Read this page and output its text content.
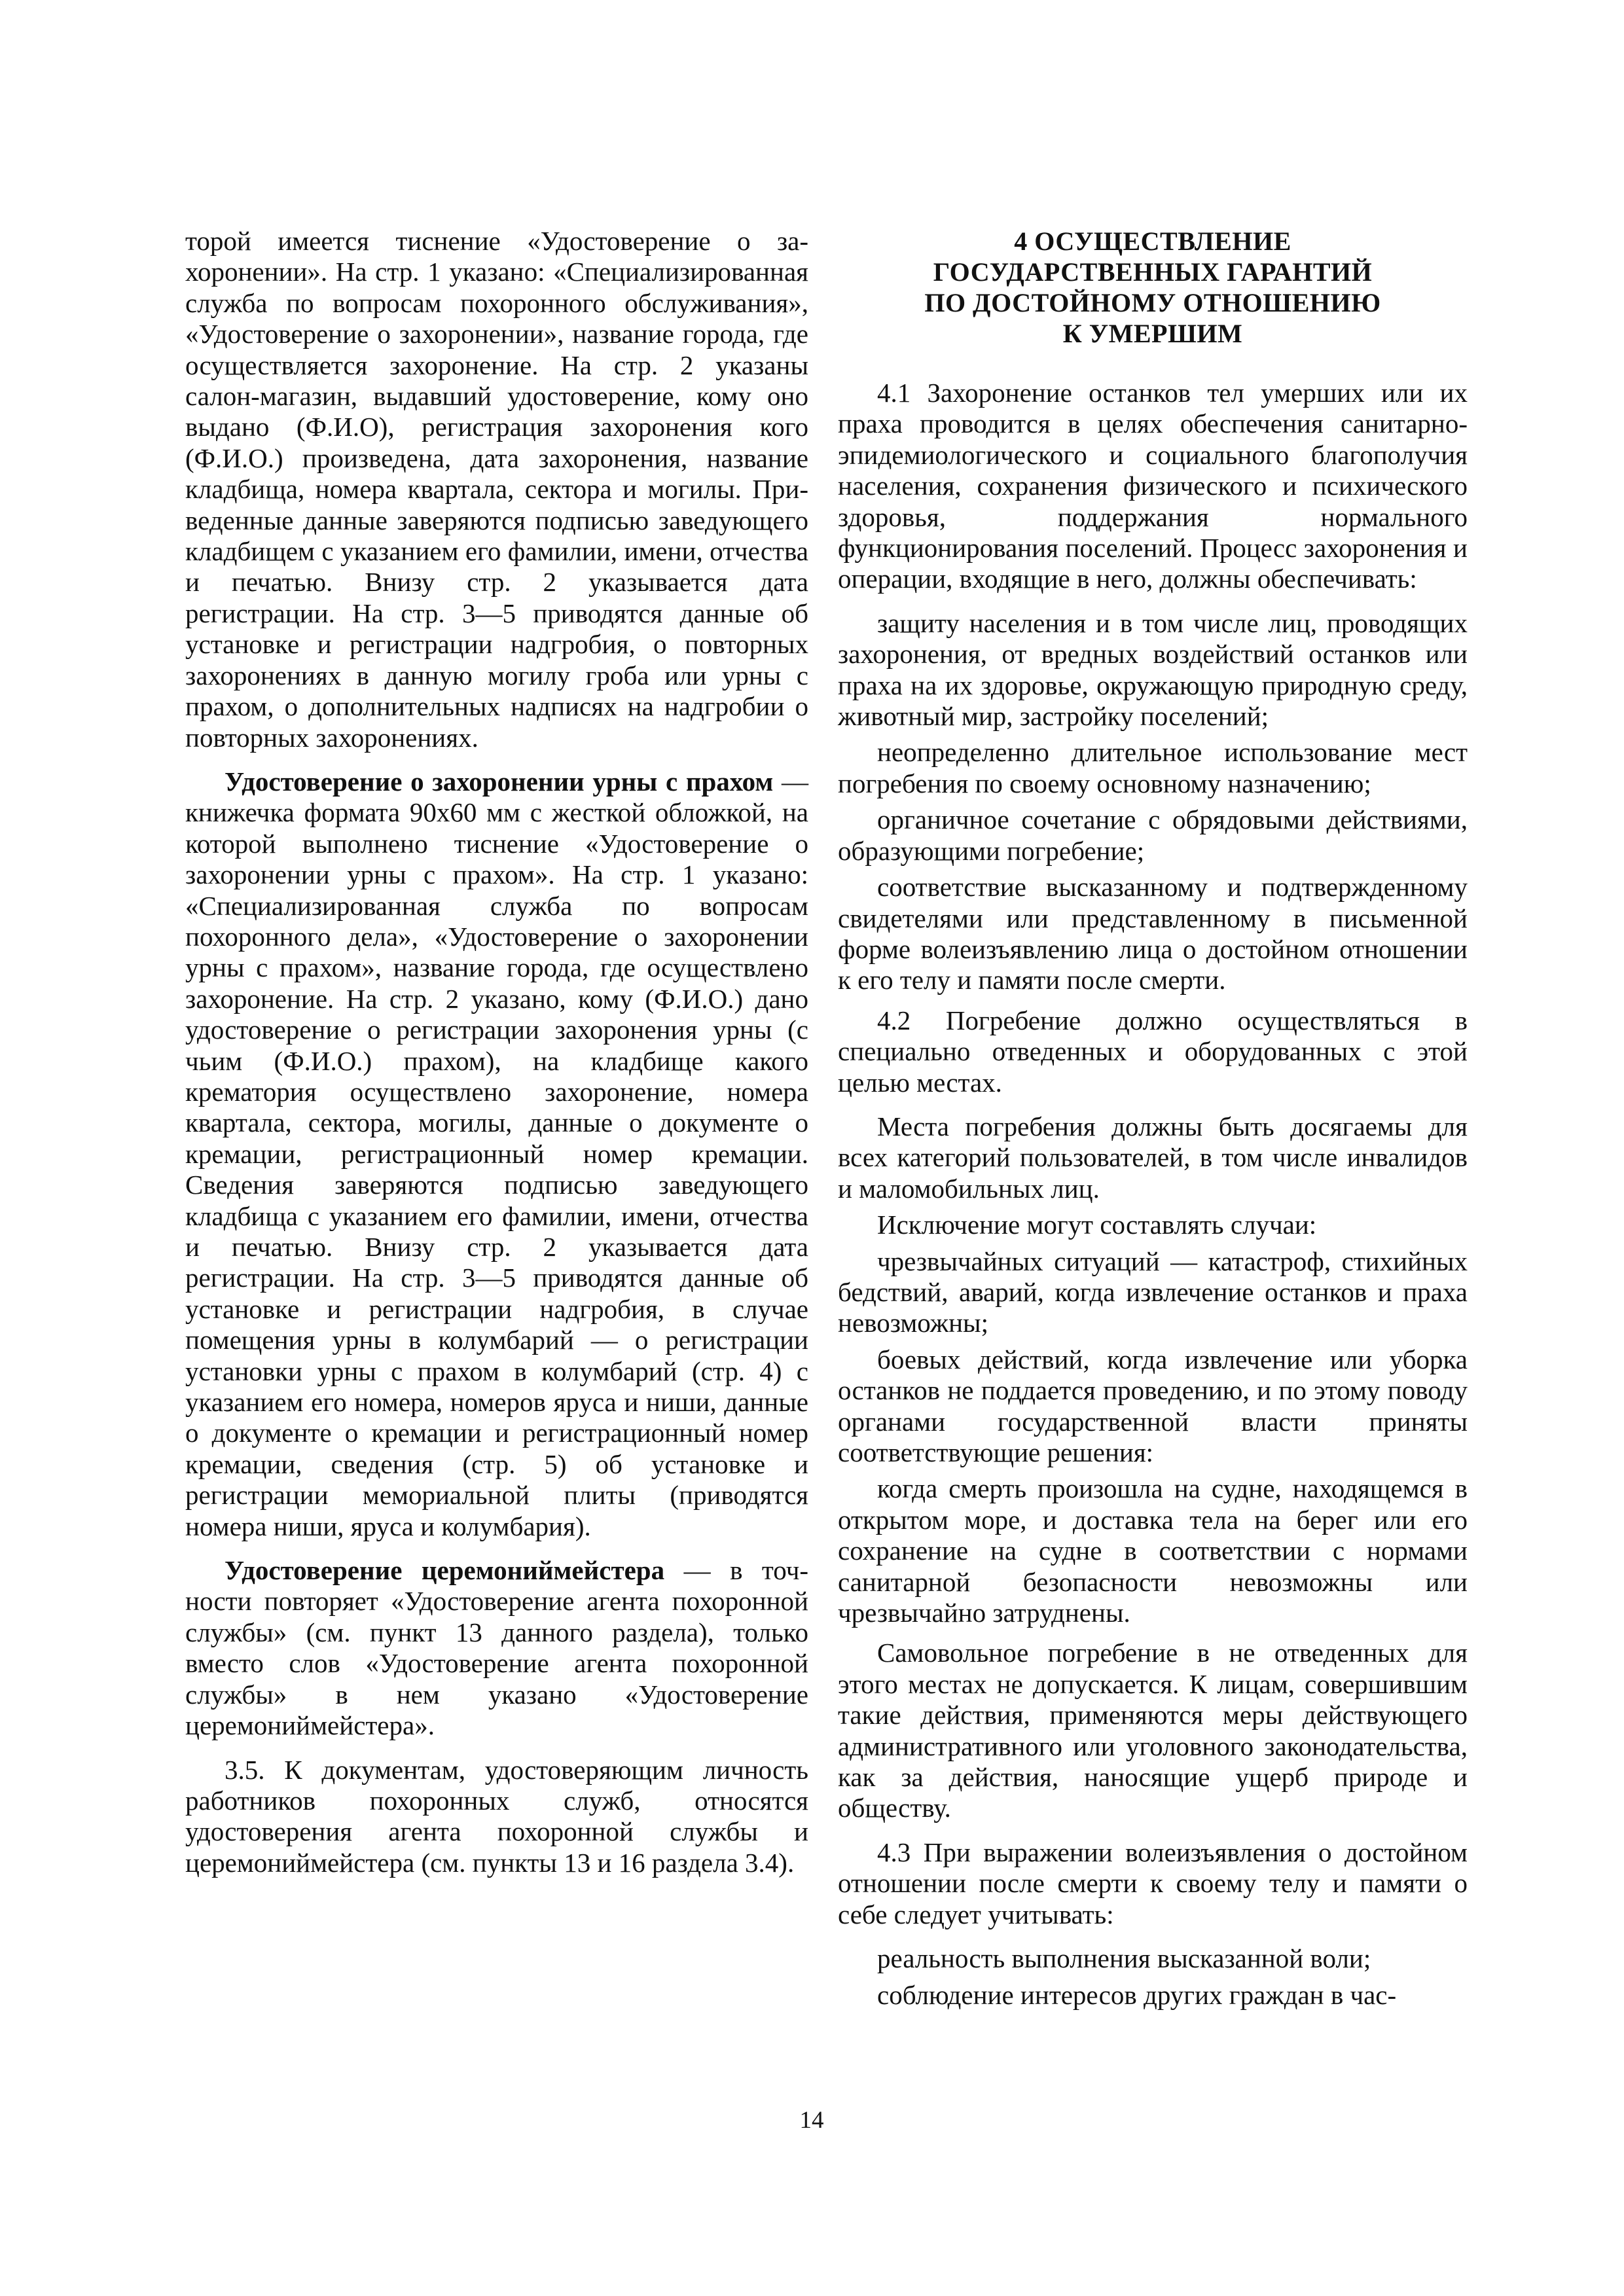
торой имеется тиснение «Удостоверение о захоронении». На стр. 1 указано: «Специализированная служба по вопросам похоронного обслуживания», «Удостоверение о захоронении», название города, где осуществляется захоронение. На стр. 2 указаны салон-магазин, выдавший удостоверение, кому оно выдано (Ф.И.О), регистрация захоронения кого (Ф.И.О.) произведена, дата захоронения, название кладбища, номера квартала, сектора и могилы. Приведенные данные заверяются подписью заведующего кладбищем с указанием его фамилии, имени, отчества и печатью. Внизу стр. 2 указывается дата регистрации. На стр. 3—5 приводятся данные об установке и регистрации надгробия, о повторных захоронениях в данную могилу гроба или урны с прахом, о дополнительных надписях на надгробии о повторных захоронениях.

Удостоверение о захоронении урны с прахом — книжечка формата 90x60 мм с жесткой обложкой, на которой выполнено тиснение «Удостоверение о захоронении урны с прахом». На стр. 1 указано: «Специализированная служба по вопросам похоронного дела», «Удостоверение о захоронении урны с прахом», название города, где осуществлено захоронение. На стр. 2 указано, кому (Ф.И.О.) дано удостоверение о регистрации захоронения урны (с чьим (Ф.И.О.) прахом), на кладбище какого крематория осуществлено захоронение, номера квартала, сектора, могилы, данные о документе о кремации, регистрационный номер кремации. Сведения заверяются подписью заведующего кладбища с указанием его фамилии, имени, отчества и печатью. Внизу стр. 2 указывается дата регистрации. На стр. 3—5 приводятся данные об установке и регистрации надгробия, в случае помещения урны в колумбарий — о регистрации установки урны с прахом в колумбарий (стр. 4) с указанием его номера, номеров яруса и ниши, данные о документе о кремации и регистрационный номер кремации, сведения (стр. 5) об установке и регистрации мемориальной плиты (приводятся номера ниши, яруса и колумбария).

Удостоверение церемониймейстера — в точности повторяет «Удостоверение агента похоронной службы» (см. пункт 13 данного раздела), только вместо слов «Удостоверение агента похоронной службы» в нем указано «Удостоверение церемониймейстера».

3.5. К документам, удостоверяющим личность работников похоронных служб, относятся удостоверения агента похоронной службы и церемониймейстера (см. пункты 13 и 16 раздела 3.4).

4 ОСУЩЕСТВЛЕНИЕ
ГОСУДАРСТВЕННЫХ ГАРАНТИЙ
ПО ДОСТОЙНОМУ ОТНОШЕНИЮ
К УМЕРШИМ

4.1 Захоронение останков тел умерших или их праха проводится в целях обеспечения санитарно-эпидемиологического и социального благополучия населения, сохранения физического и психического здоровья, поддержания нормального функционирования поселений. Процесс захоронения и операции, входящие в него, должны обеспечивать:

защиту населения и в том числе лиц, проводящих захоронения, от вредных воздействий останков или праха на их здоровье, окружающую природную среду, животный мир, застройку поселений;

неопределенно длительное использование мест погребения по своему основному назначению;

органичное сочетание с обрядовыми действиями, образующими погребение;

соответствие высказанному и подтвержденному свидетелями или представленному в письменной форме волеизъявлению лица о достойном отношении к его телу и памяти после смерти.

4.2 Погребение должно осуществляться в специально отведенных и оборудованных с этой целью местах.

Места погребения должны быть досягаемы для всех категорий пользователей, в том числе инвалидов и маломобильных лиц.

Исключение могут составлять случаи:

чрезвычайных ситуаций — катастроф, стихийных бедствий, аварий, когда извлечение останков и праха невозможны;

боевых действий, когда извлечение или уборка останков не поддается проведению, и по этому поводу органами государственной власти приняты соответствующие решения:

когда смерть произошла на судне, находящемся в открытом море, и доставка тела на берег или его сохранение на судне в соответствии с нормами санитарной безопасности невозможны или чрезвычайно затруднены.

Самовольное погребение в не отведенных для этого местах не допускается. К лицам, совершившим такие действия, применяются меры действующего административного или уголовного законодательства, как за действия, наносящие ущерб природе и обществу.

4.3 При выражении волеизъявления о достойном отношении после смерти к своему телу и памяти о себе следует учитывать:

реальность выполнения высказанной воли;

соблюдение интересов других граждан в час-

14
